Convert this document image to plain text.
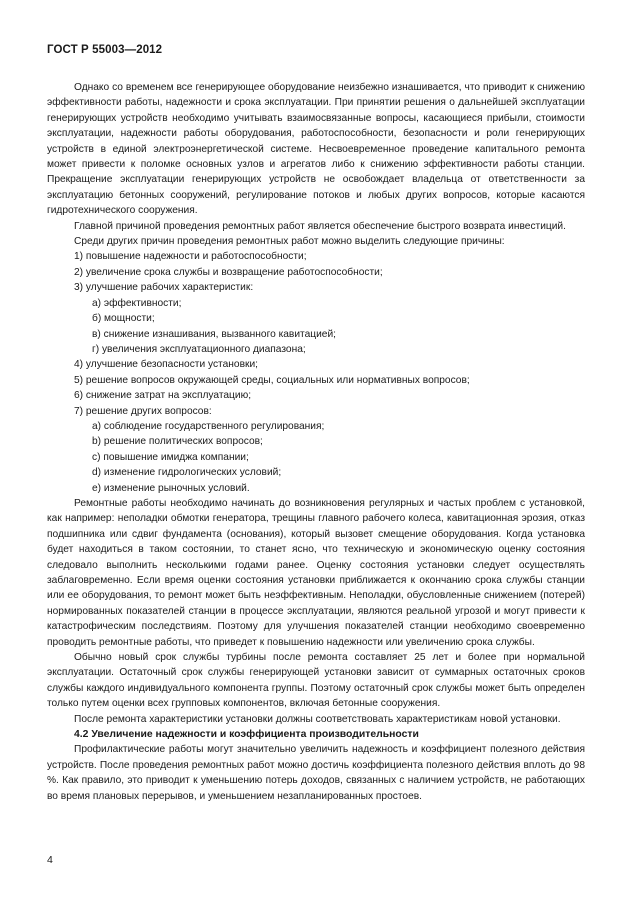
ГОСТ Р 55003—2012

Однако со временем все генерирующее оборудование неизбежно изнашивается, что приводит к снижению эффективности работы, надежности и срока эксплуатации. При принятии решения о дальнейшей эксплуатации генерирующих устройств необходимо учитывать взаимосвязанные вопросы, касающиеся прибыли, стоимости эксплуатации, надежности работы оборудования, работоспособности, безопасности и роли генерирующих устройств в единой электроэнергетической системе. Несвоевременное проведение капитального ремонта может привести к поломке основных узлов и агрегатов либо к снижению эффективности работы станции. Прекращение эксплуатации генерирующих устройств не освобождает владельца от ответственности за эксплуатацию бетонных сооружений, регулирование потоков и любых других вопросов, которые касаются гидротехнического сооружения.

Главной причиной проведения ремонтных работ является обеспечение быстрого возврата инвестиций.

Среди других причин проведения ремонтных работ можно выделить следующие причины:

1) повышение надежности и работоспособности;

2) увеличение срока службы и возвращение работоспособности;

3) улучшение рабочих характеристик:

а) эффективности;

б) мощности;

в) снижение изнашивания, вызванного кавитацией;

г) увеличения эксплуатационного диапазона;

4) улучшение безопасности установки;

5) решение вопросов окружающей среды, социальных или нормативных вопросов;

6) снижение затрат на эксплуатацию;

7) решение других вопросов:

a) соблюдение государственного регулирования;

b) решение политических вопросов;

c) повышение имиджа компании;

d) изменение гидрологических условий;

e) изменение рыночных условий.

Ремонтные работы необходимо начинать до возникновения регулярных и частых проблем с установкой, как например: неполадки обмотки генератора, трещины главного рабочего колеса, кавитационная эрозия, отказ подшипника или сдвиг фундамента (основания), который вызовет смещение оборудования. Когда установка будет находиться в таком состоянии, то станет ясно, что техническую и экономическую оценку состояния следовало выполнить несколькими годами ранее. Оценку состояния установки следует осуществлять заблаговременно. Если время оценки состояния установки приближается к окончанию срока службы станции или ее оборудования, то ремонт может быть неэффективным. Неполадки, обусловленные снижением (потерей) нормированных показателей станции в процессе эксплуатации, являются реальной угрозой и могут привести к катастрофическим последствиям. Поэтому для улучшения показателей станции необходимо своевременно проводить ремонтные работы, что приведет к повышению надежности или увеличению срока службы.

Обычно новый срок службы турбины после ремонта составляет 25 лет и более при нормальной эксплуатации. Остаточный срок службы генерирующей установки зависит от суммарных остаточных сроков службы каждого индивидуального компонента группы. Поэтому остаточный срок службы может быть определен только путем оценки всех групповых компонентов, включая бетонные сооружения.

После ремонта характеристики установки должны соответствовать характеристикам новой установки.

4.2 Увеличение надежности и коэффициента производительности

Профилактические работы могут значительно увеличить надежность и коэффициент полезного действия устройств. После проведения ремонтных работ можно достичь коэффициента полезного действия вплоть до 98 %. Как правило, это приводит к уменьшению потерь доходов, связанных с наличием устройств, не работающих во время плановых перерывов, и уменьшением незапланированных простоев.

4
